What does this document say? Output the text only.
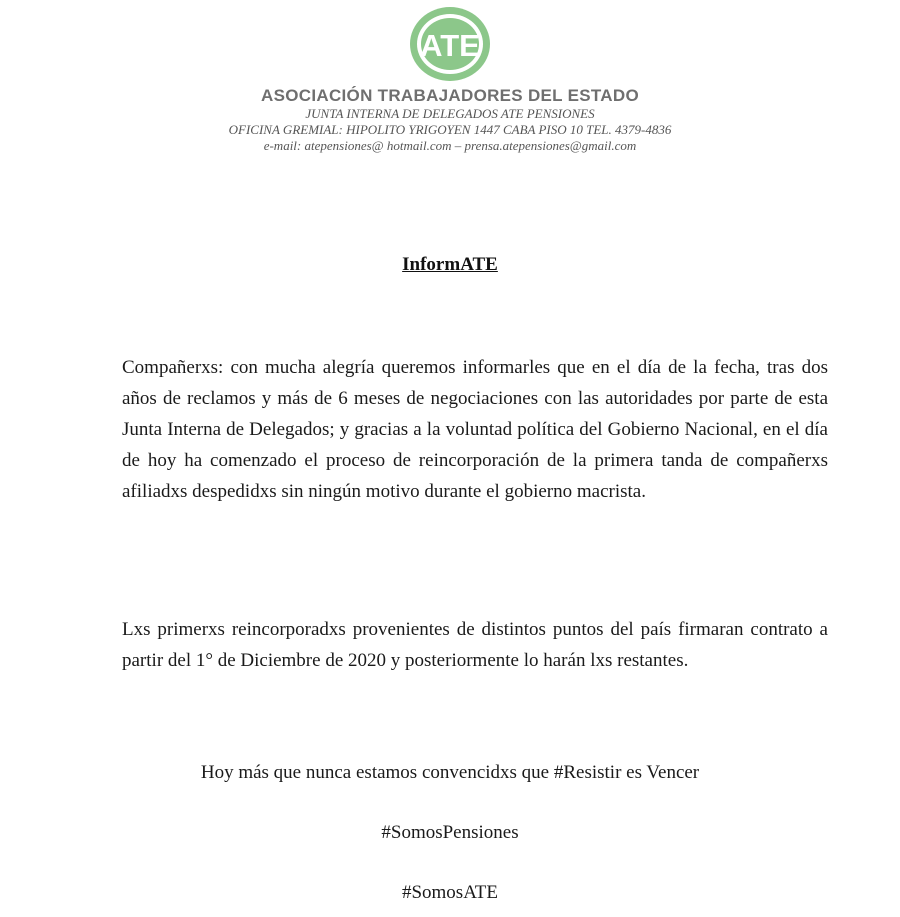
ATE
ASOCIACIÓN TRABAJADORES DEL ESTADO
JUNTA INTERNA DE DELEGADOS ATE PENSIONES
OFICINA GREMIAL: HIPOLITO YRIGOYEN 1447 CABA PISO 10 TEL. 4379-4836
e-mail: atepensiones@ hotmail.com – prensa.atepensiones@gmail.com
InformATE
Compañerxs: con mucha alegría queremos informarles que en el día de la fecha, tras dos años de reclamos y más de 6 meses de negociaciones con las autoridades por parte de esta Junta Interna de Delegados; y gracias a la voluntad política del Gobierno Nacional, en el día de hoy ha comenzado el proceso de reincorporación de la primera tanda de compañerxs afiliadxs despedidxs sin ningún motivo durante el gobierno macrista.
Lxs primerxs reincorporadxs provenientes de distintos puntos del país firmaran contrato a partir del 1° de Diciembre de 2020 y posteriormente lo harán lxs restantes.
Hoy más que nunca estamos convencidxs que #Resistir es Vencer
#SomosPensiones
#SomosATE
